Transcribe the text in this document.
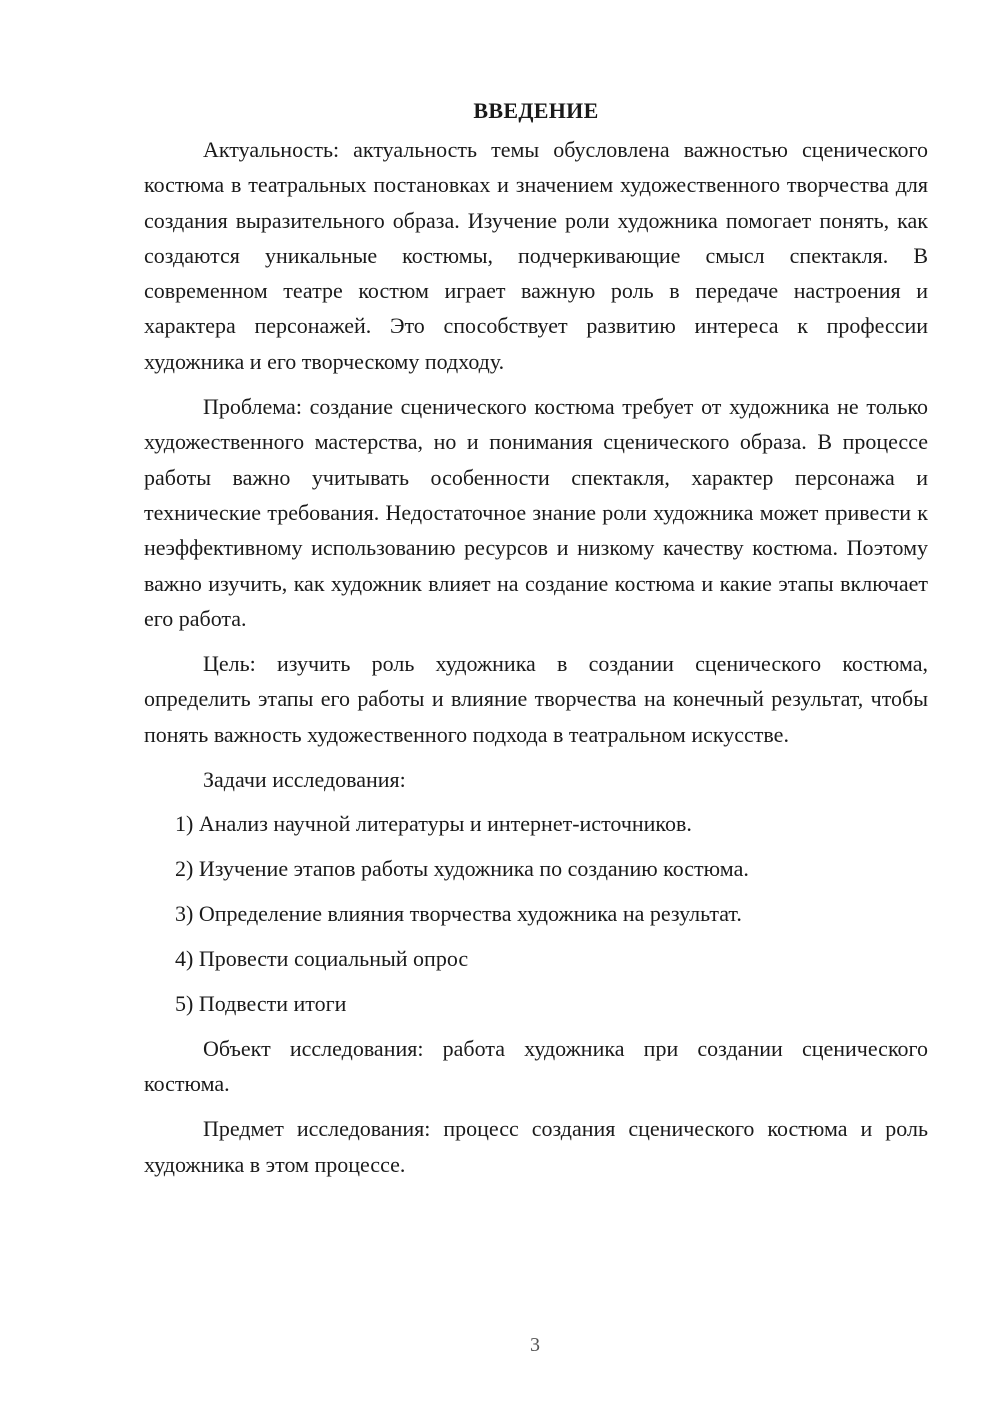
ВВЕДЕНИЕ

Актуальность: актуальность темы обусловлена важностью сценического костюма в театральных постановках и значением художественного творчества для создания выразительного образа. Изучение роли художника помогает понять, как создаются уникальные костюмы, подчеркивающие смысл спектакля. В современном театре костюм играет важную роль в передаче настроения и характера персонажей. Это способствует развитию интереса к профессии художника и его творческому подходу.

Проблема: создание сценического костюма требует от художника не только художественного мастерства, но и понимания сценического образа. В процессе работы важно учитывать особенности спектакля, характер персонажа и технические требования. Недостаточное знание роли художника может привести к неэффективному использованию ресурсов и низкому качеству костюма. Поэтому важно изучить, как художник влияет на создание костюма и какие этапы включает его работа.

Цель: изучить роль художника в создании сценического костюма, определить этапы его работы и влияние творчества на конечный результат, чтобы понять важность художественного подхода в театральном искусстве.

Задачи исследования:

1) Анализ научной литературы и интернет-источников.
2) Изучение этапов работы художника по созданию костюма.
3) Определение влияния творчества художника на результат.
4) Провести социальный опрос
5) Подвести итоги

Объект исследования: работа художника при создании сценического костюма.

Предмет исследования: процесс создания сценического костюма и роль художника в этом процессе.

3
